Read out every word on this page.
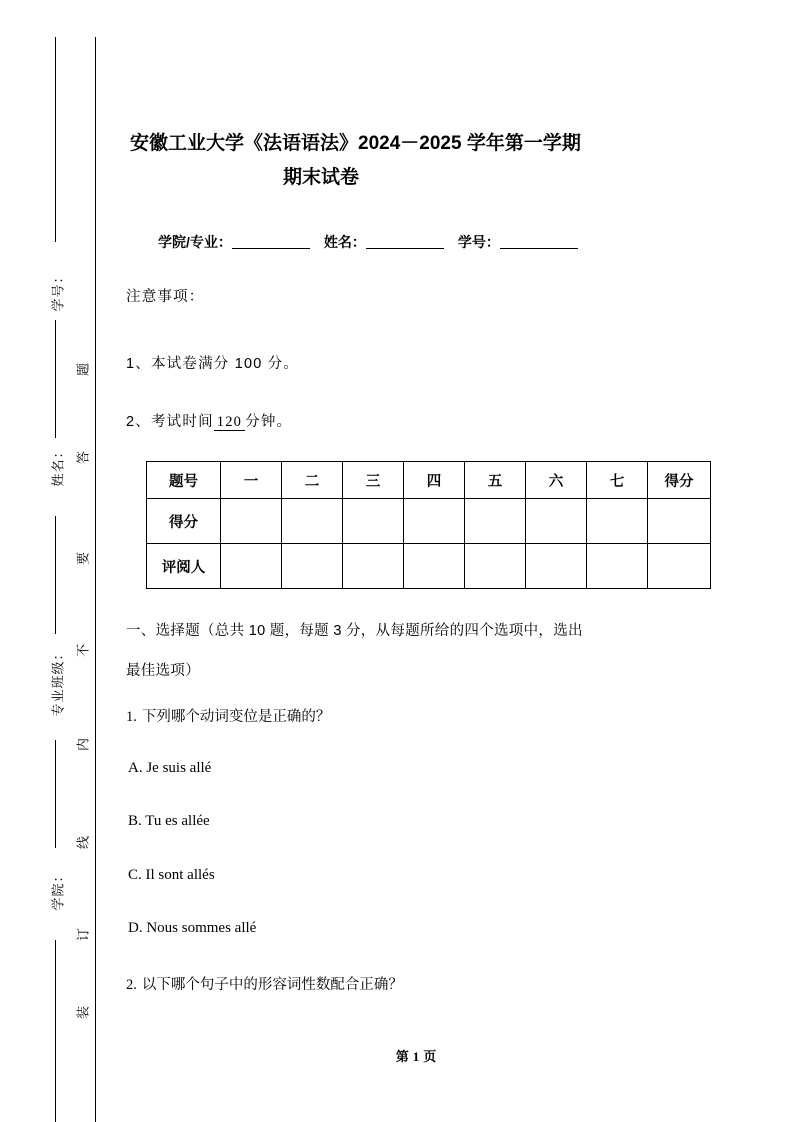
学号：
姓名：
专业班级：
学院：
题
答
要
不
内
线
订
装
安徽工业大学《法语语法》2024－2025 学年第一学期
期末试卷
学院/专业：	姓名：	学号：
注意事项：
1、本试卷满分 100 分。
2、考试时间 120 分钟。
题号	一	二	三	四	五	六	七	得分
得分								
评阅人								
一、选择题（总共 10 题，每题 3 分，从每题所给的四个选项中，选出
最佳选项）
1. 下列哪个动词变位是正确的？
A. Je suis allé
B. Tu es allée
C. Il sont allés
D. Nous sommes allé
2. 以下哪个句子中的形容词性数配合正确？
第 1 页
